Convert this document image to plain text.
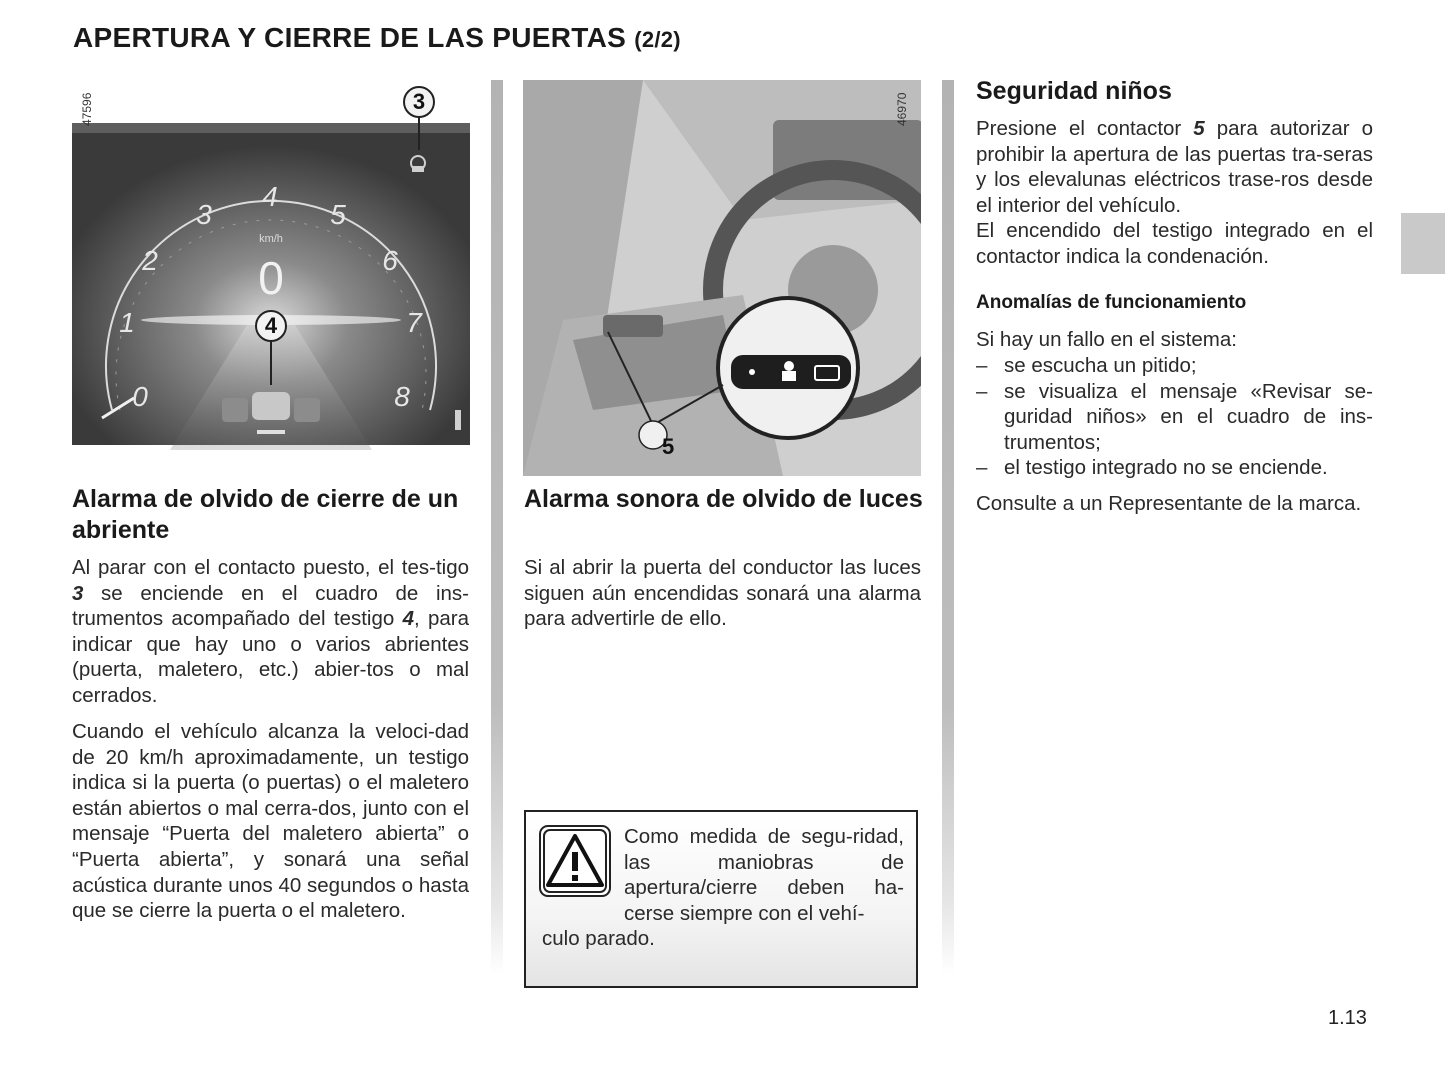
APERTURA Y CIERRE DE LAS PUERTAS (2/2)
0
1
2
3
4
5
6
7
8
km/h
0
47596	3
4
46970
5
Alarma de olvido de cierre de un abriente

Al parar con el contacto puesto, el tes-tigo 3 se enciende en el cuadro de ins-trumentos acompañado del testigo 4, para indicar que hay uno o varios abrientes (puerta, maletero, etc.) abier-tos o mal cerrados.

Cuando el vehículo alcanza la veloci-dad de 20 km/h aproximadamente, un testigo indica si la puerta (o puertas) o el maletero están abiertos o mal cerra-dos, junto con el mensaje “Puerta del maletero abierta” o “Puerta abierta”, y sonará una señal acústica durante unos 40 segundos o hasta que se cierre la puerta o el maletero.

Alarma sonora de olvido de luces

Si al abrir la puerta del conductor las luces siguen aún encendidas sonará una alarma para advertirle de ello.

Como medida de segu-ridad, las maniobras de apertura/cierre deben ha-cerse siempre con el vehí-

culo parado.

Seguridad niños

Presione el contactor 5 para autorizar o prohibir la apertura de las puertas tra-seras y los elevalunas eléctricos trase-ros desde el interior del vehículo.

El encendido del testigo integrado en el contactor indica la condenación.

Anomalías de funcionamiento

Si hay un fallo en el sistema:

– se escucha un pitido;
– se visualiza el mensaje «Revisar se-guridad niños» en el cuadro de ins-trumentos;
– el testigo integrado no se enciende.

Consulte a un Representante de la marca.

1.13
